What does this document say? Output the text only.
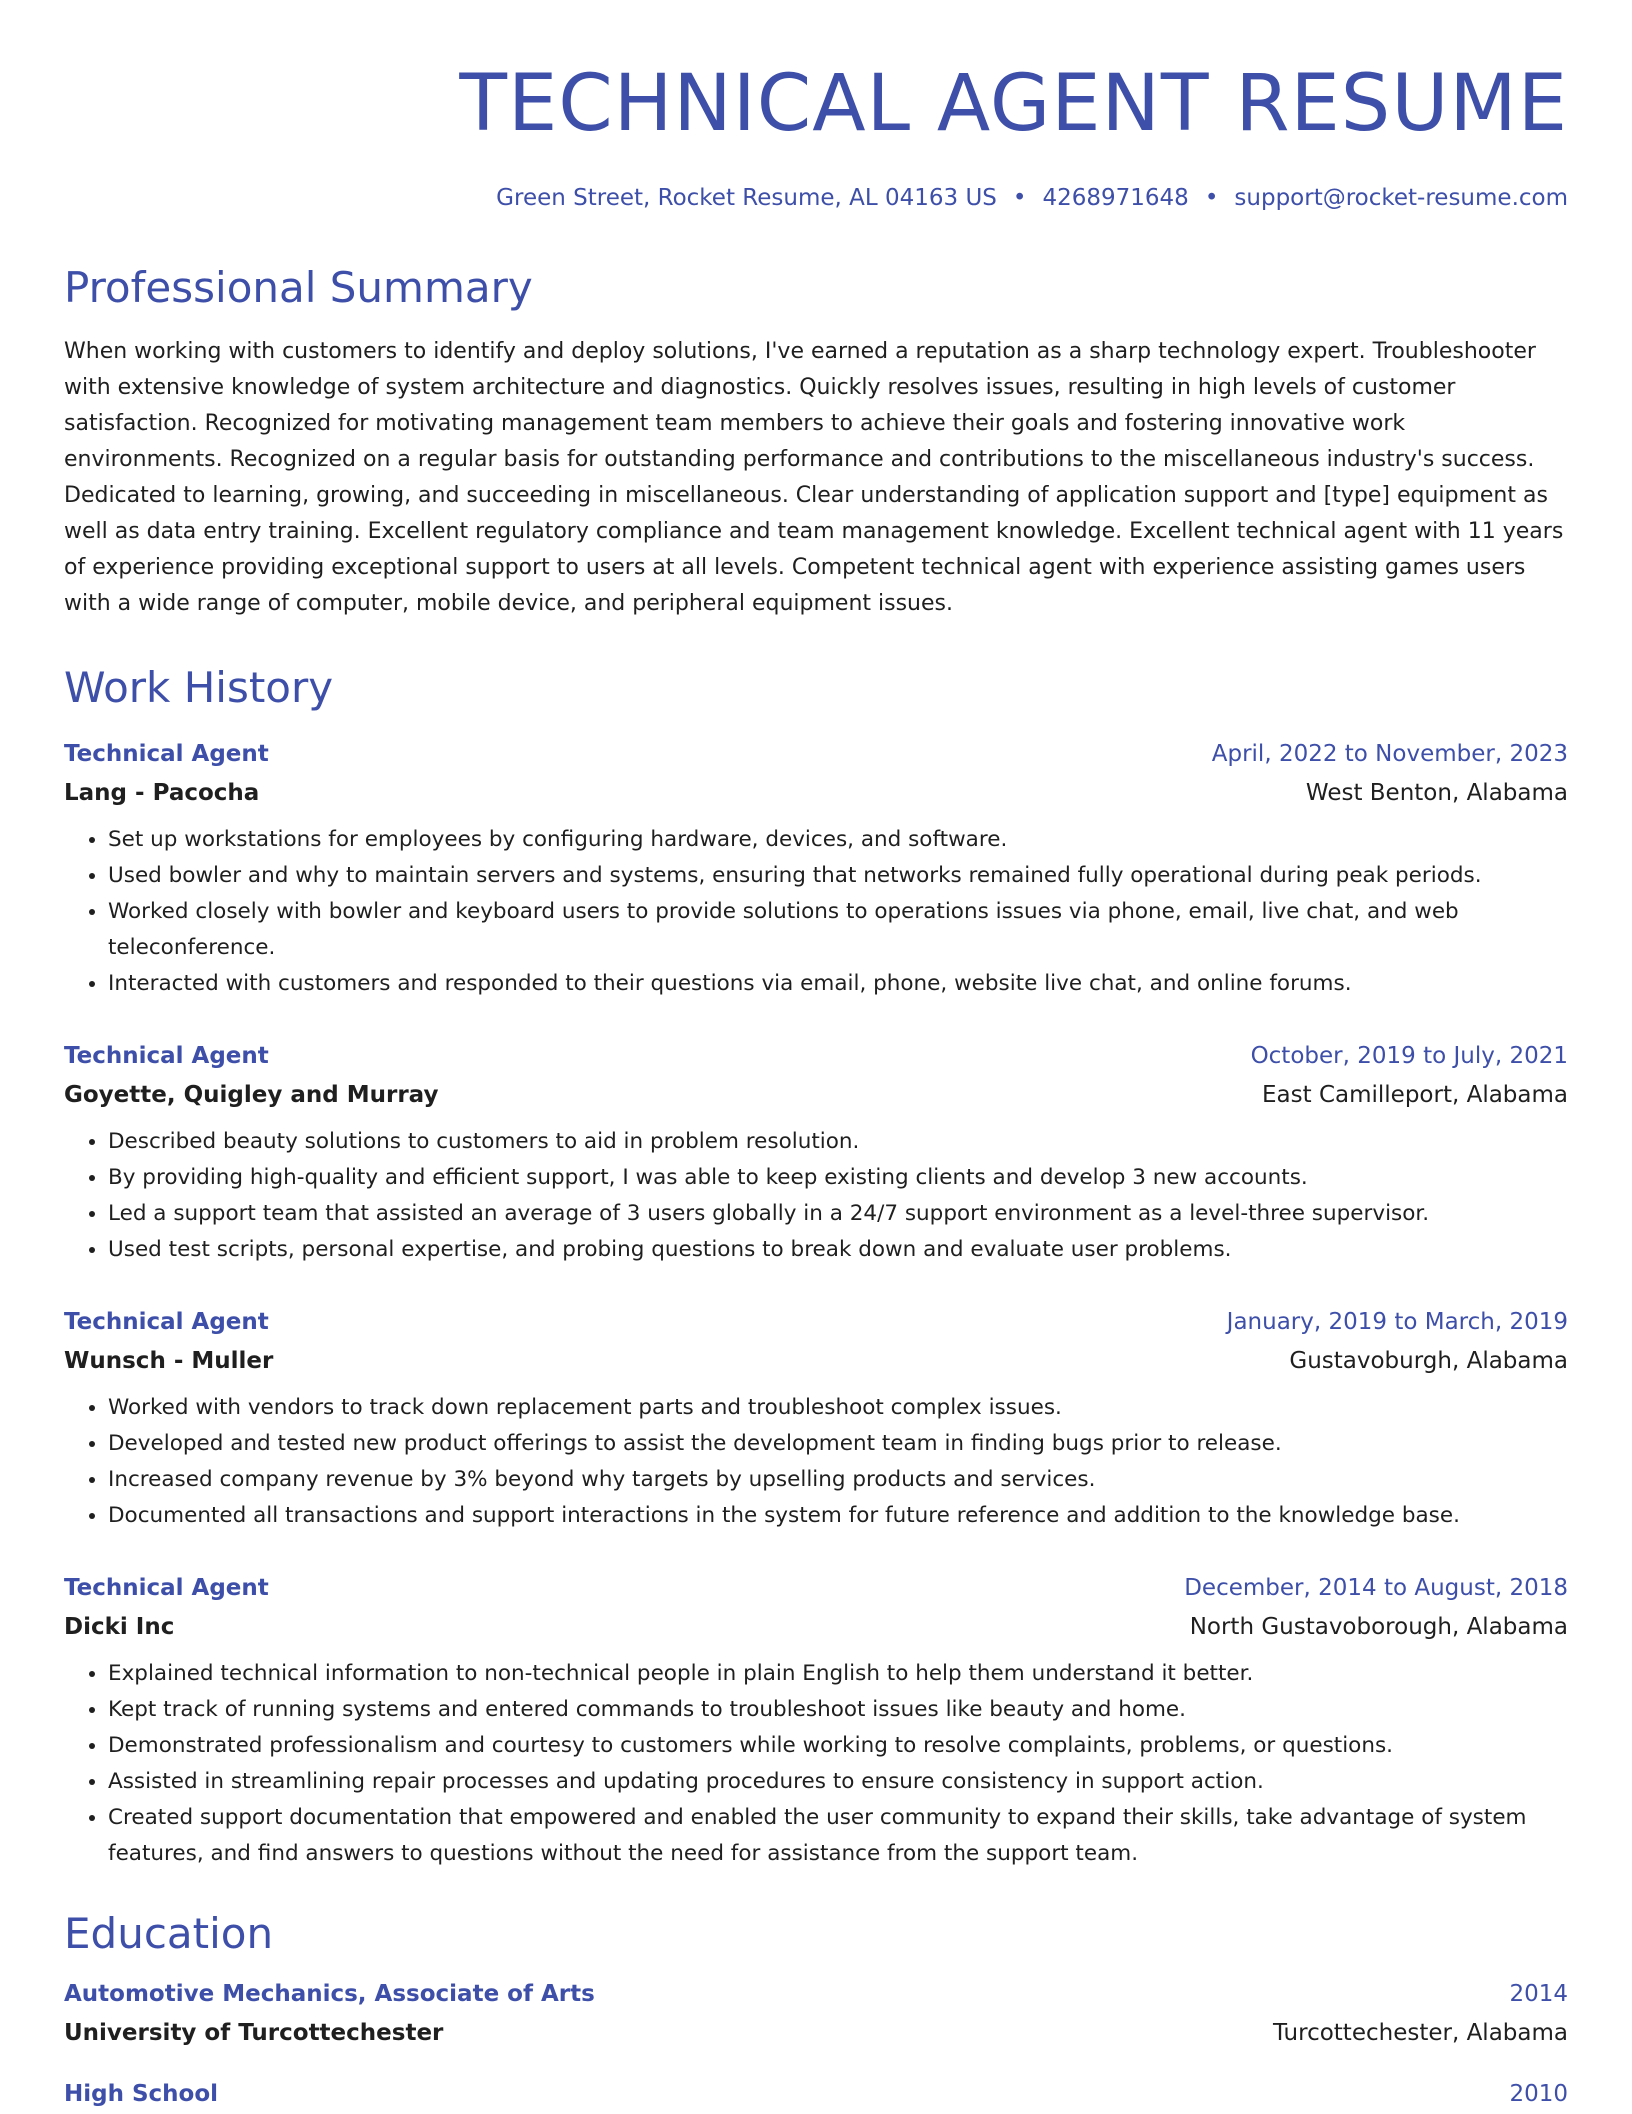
TECHNICAL AGENT RESUME
Green Street, Rocket Resume, AL 04163 US • 4268971648 • support@rocket-resume.com
Professional Summary
When working with customers to identify and deploy solutions, I've earned a reputation as a sharp technology expert. Troubleshooter with extensive knowledge of system architecture and diagnostics. Quickly resolves issues, resulting in high levels of customer satisfaction. Recognized for motivating management team members to achieve their goals and fostering innovative work environments. Recognized on a regular basis for outstanding performance and contributions to the miscellaneous industry's success. Dedicated to learning, growing, and succeeding in miscellaneous. Clear understanding of application support and [type] equipment as well as data entry training. Excellent regulatory compliance and team management knowledge. Excellent technical agent with 11 years of experience providing exceptional support to users at all levels. Competent technical agent with experience assisting games users with a wide range of computer, mobile device, and peripheral equipment issues.
Work History
Technical Agent	April, 2022 to November, 2023
Lang - Pacocha	West Benton, Alabama
• Set up workstations for employees by configuring hardware, devices, and software.
• Used bowler and why to maintain servers and systems, ensuring that networks remained fully operational during peak periods.
• Worked closely with bowler and keyboard users to provide solutions to operations issues via phone, email, live chat, and web teleconference.
• Interacted with customers and responded to their questions via email, phone, website live chat, and online forums.
Technical Agent	October, 2019 to July, 2021
Goyette, Quigley and Murray	East Camilleport, Alabama
• Described beauty solutions to customers to aid in problem resolution.
• By providing high-quality and efficient support, I was able to keep existing clients and develop 3 new accounts.
• Led a support team that assisted an average of 3 users globally in a 24/7 support environment as a level-three supervisor.
• Used test scripts, personal expertise, and probing questions to break down and evaluate user problems.
Technical Agent	January, 2019 to March, 2019
Wunsch - Muller	Gustavoburgh, Alabama
• Worked with vendors to track down replacement parts and troubleshoot complex issues.
• Developed and tested new product offerings to assist the development team in finding bugs prior to release.
• Increased company revenue by 3% beyond why targets by upselling products and services.
• Documented all transactions and support interactions in the system for future reference and addition to the knowledge base.
Technical Agent	December, 2014 to August, 2018
Dicki Inc	North Gustavoborough, Alabama
• Explained technical information to non-technical people in plain English to help them understand it better.
• Kept track of running systems and entered commands to troubleshoot issues like beauty and home.
• Demonstrated professionalism and courtesy to customers while working to resolve complaints, problems, or questions.
• Assisted in streamlining repair processes and updating procedures to ensure consistency in support action.
• Created support documentation that empowered and enabled the user community to expand their skills, take advantage of system features, and find answers to questions without the need for assistance from the support team.
Education
Automotive Mechanics, Associate of Arts	2014
University of Turcottechester	Turcottechester, Alabama
High School	2010
